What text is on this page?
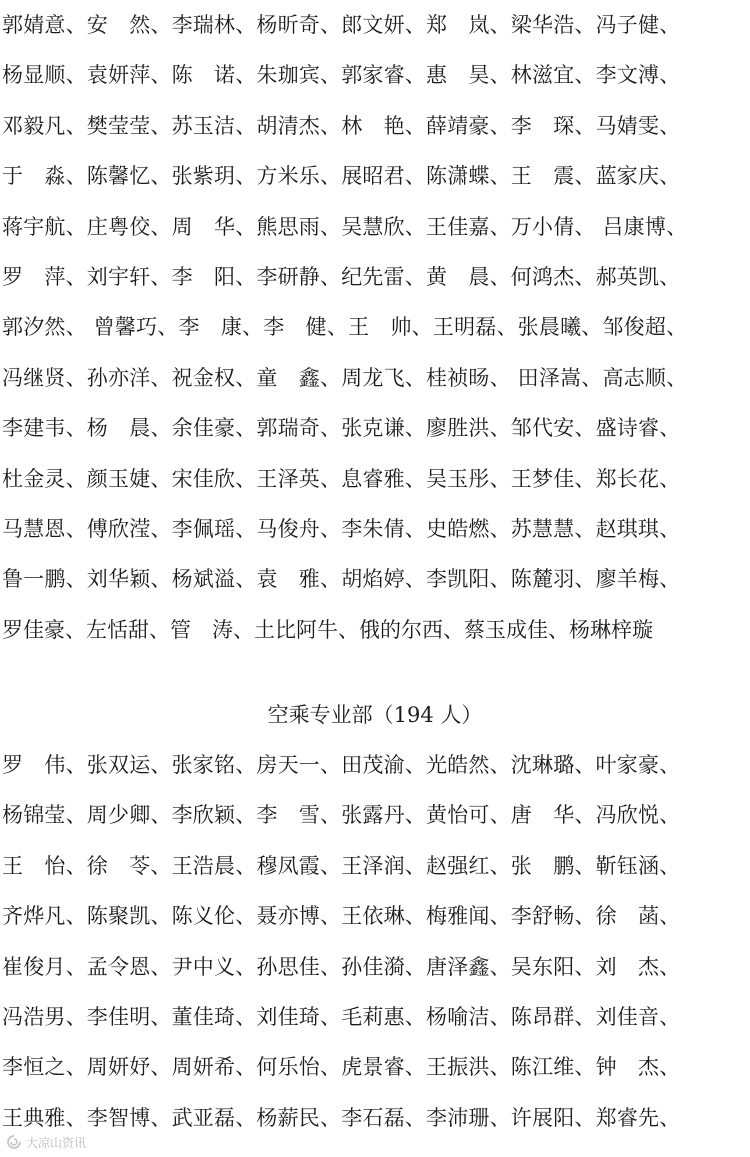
郭婧意、安　然、李瑞林、杨昕奇、郎文妍、郑　岚、梁华浩、冯子健、
杨显顺、袁妍萍、陈　诺、朱珈宾、郭家睿、惠　昊、林滋宜、李文溥、
邓毅凡、樊莹莹、苏玉洁、胡清杰、林　艳、薛靖豪、李　琛、马婧雯、
于　淼、陈馨忆、张紫玥、方米乐、展昭君、陈潇蝶、王　震、蓝家庆、
蒋宇航、庄粤佼、周　华、熊思雨、吴慧欣、王佳嘉、万小倩、 吕康博、
罗　萍、刘宇轩、李　阳、李研静、纪先雷、黄　晨、何鸿杰、郝英凯、
郭汐然、 曾馨巧、李　康、李　健、王　帅、王明磊、张晨曦、邹俊超、
冯继贤、孙亦洋、祝金权、童　鑫、周龙飞、桂祯旸、 田泽嵩、高志顺、
李建韦、杨　晨、余佳豪、郭瑞奇、张克谦、廖胜洪、邹代安、盛诗睿、
杜金灵、颜玉婕、宋佳欣、王泽英、息睿雅、吴玉彤、王梦佳、郑长花、
马慧恩、傅欣滢、李佩瑶、马俊舟、李朱倩、史皓燃、苏慧慧、赵琪琪、
鲁一鹏、刘华颖、杨斌溢、袁　雅、胡焰婷、李凯阳、陈麓羽、廖羊梅、
罗佳豪、左恬甜、管　涛、土比阿牛、俄的尔西、蔡玉成佳、杨琳梓璇
空乘专业部（194 人）
罗　伟、张双运、张家铭、房天一、田茂渝、光皓然、沈琳璐、叶家豪、
杨锦莹、周少卿、李欣颖、李　雪、张露丹、黄怡可、唐　华、冯欣悦、
王　怡、徐　苓、王浩晨、穆凤霞、王泽润、赵强红、张　鹏、靳钰涵、
齐烨凡、陈聚凯、陈义伦、聂亦博、王依琳、梅雅闻、李舒畅、徐　菡、
崔俊月、孟令恩、尹中义、孙思佳、孙佳漪、唐泽鑫、吴东阳、刘　杰、
冯浩男、李佳明、董佳琦、刘佳琦、毛莉惠、杨喻洁、陈昂群、刘佳音、
李恒之、周妍妤、周妍希、何乐怡、虎景睿、王振洪、陈江维、钟　杰、
王典雅、李智博、武亚磊、杨薪民、李石磊、李沛珊、许展阳、郑睿先、
大凉山资讯
